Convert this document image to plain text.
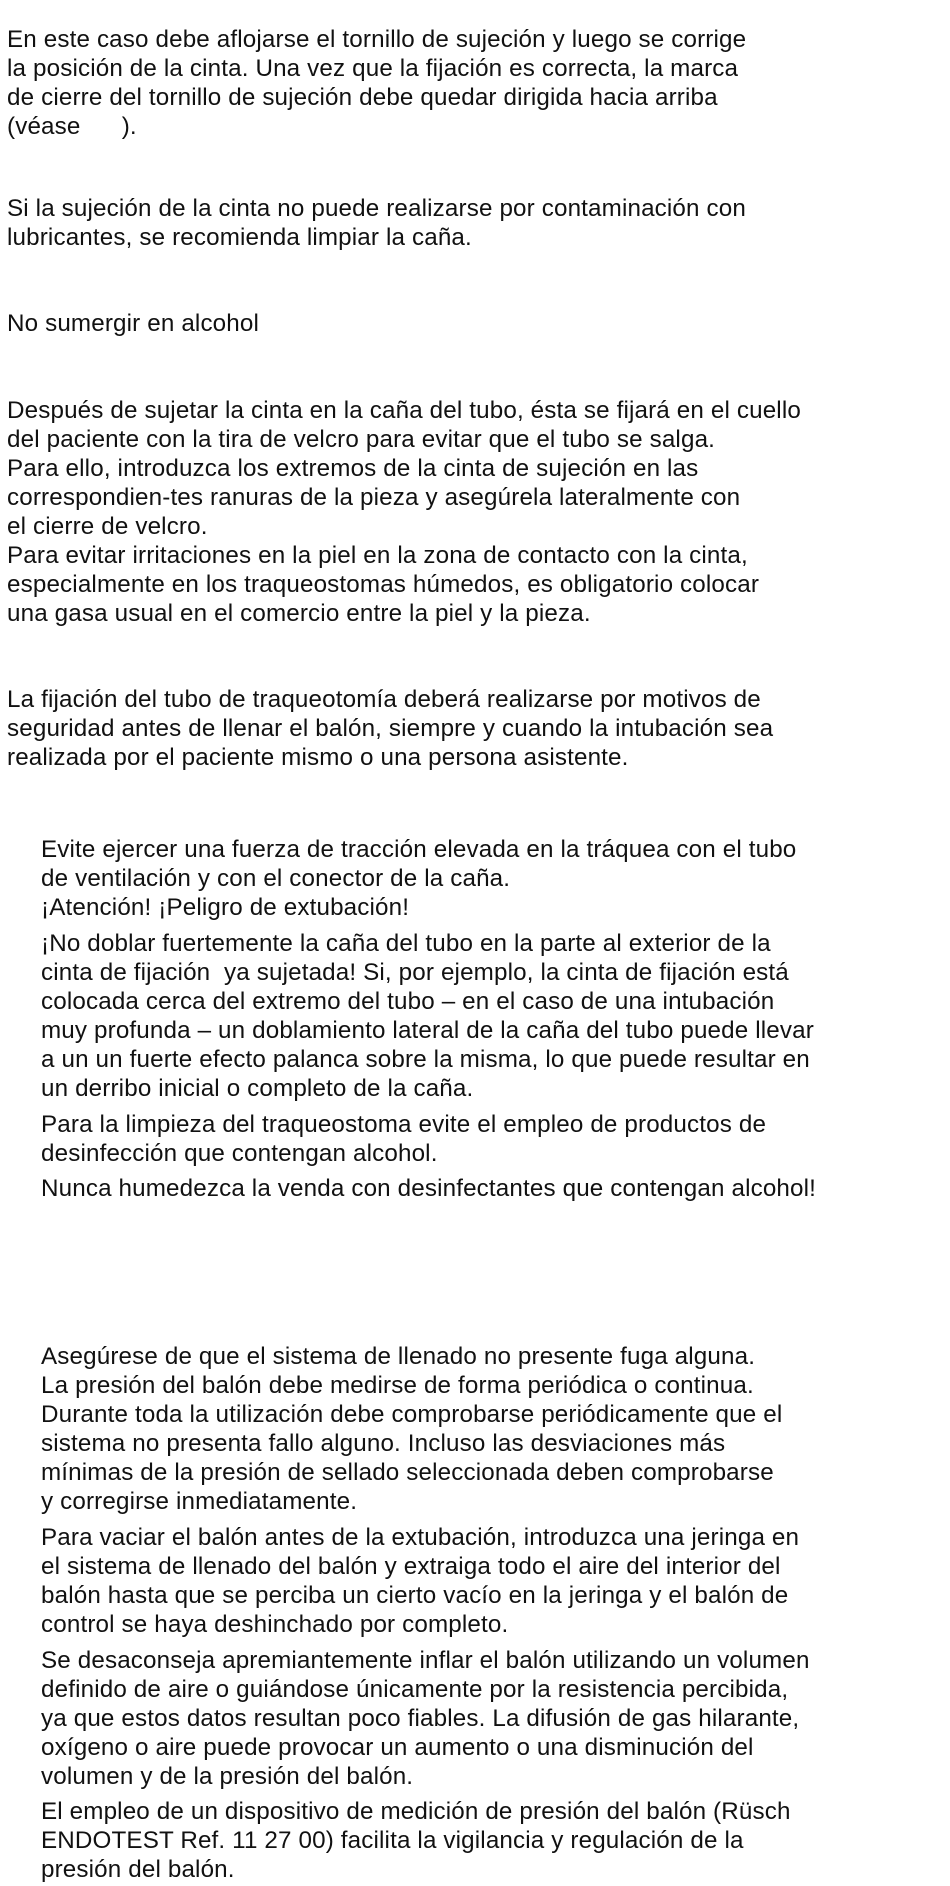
En este caso debe aflojarse el tornillo de sujeción y luego se corrige
la posición de la cinta. Una vez que la fijación es correcta, la marca
de cierre del tornillo de sujeción debe quedar dirigida hacia arriba
(véase      ).

Si la sujeción de la cinta no puede realizarse por contaminación con
lubricantes, se recomienda limpiar la caña.

No sumergir en alcohol

Después de sujetar la cinta en la caña del tubo, ésta se fijará en el cuello
del paciente con la tira de velcro para evitar que el tubo se salga.
Para ello, introduzca los extremos de la cinta de sujeción en las
correspondien-tes ranuras de la pieza y asegúrela lateralmente con
el cierre de velcro.
Para evitar irritaciones en la piel en la zona de contacto con la cinta,
especialmente en los traqueostomas húmedos, es obligatorio colocar
una gasa usual en el comercio entre la piel y la pieza.

La fijación del tubo de traqueotomía deberá realizarse por motivos de
seguridad antes de llenar el balón, siempre y cuando la intubación sea
realizada por el paciente mismo o una persona asistente.

Evite ejercer una fuerza de tracción elevada en la tráquea con el tubo
de ventilación y con el conector de la caña.
¡Atención! ¡Peligro de extubación!

¡No doblar fuertemente la caña del tubo en la parte al exterior de la
cinta de fijación  ya sujetada! Si, por ejemplo, la cinta de fijación está
colocada cerca del extremo del tubo – en el caso de una intubación
muy profunda – un doblamiento lateral de la caña del tubo puede llevar
a un un fuerte efecto palanca sobre la misma, lo que puede resultar en
un derribo inicial o completo de la caña.

Para la limpieza del traqueostoma evite el empleo de productos de
desinfección que contengan alcohol.

Nunca humedezca la venda con desinfectantes que contengan alcohol!

Asegúrese de que el sistema de llenado no presente fuga alguna.
La presión del balón debe medirse de forma periódica o continua.
Durante toda la utilización debe comprobarse periódicamente que el
sistema no presenta fallo alguno. Incluso las desviaciones más
mínimas de la presión de sellado seleccionada deben comprobarse
y corregirse inmediatamente.

Para vaciar el balón antes de la extubación, introduzca una jeringa en
el sistema de llenado del balón y extraiga todo el aire del interior del
balón hasta que se perciba un cierto vacío en la jeringa y el balón de
control se haya deshinchado por completo.

Se desaconseja apremiantemente inflar el balón utilizando un volumen
definido de aire o guiándose únicamente por la resistencia percibida,
ya que estos datos resultan poco fiables. La difusión de gas hilarante,
oxígeno o aire puede provocar un aumento o una disminución del
volumen y de la presión del balón.

El empleo de un dispositivo de medición de presión del balón (Rüsch
ENDOTEST Ref. 11 27 00) facilita la vigilancia y regulación de la
presión del balón.
